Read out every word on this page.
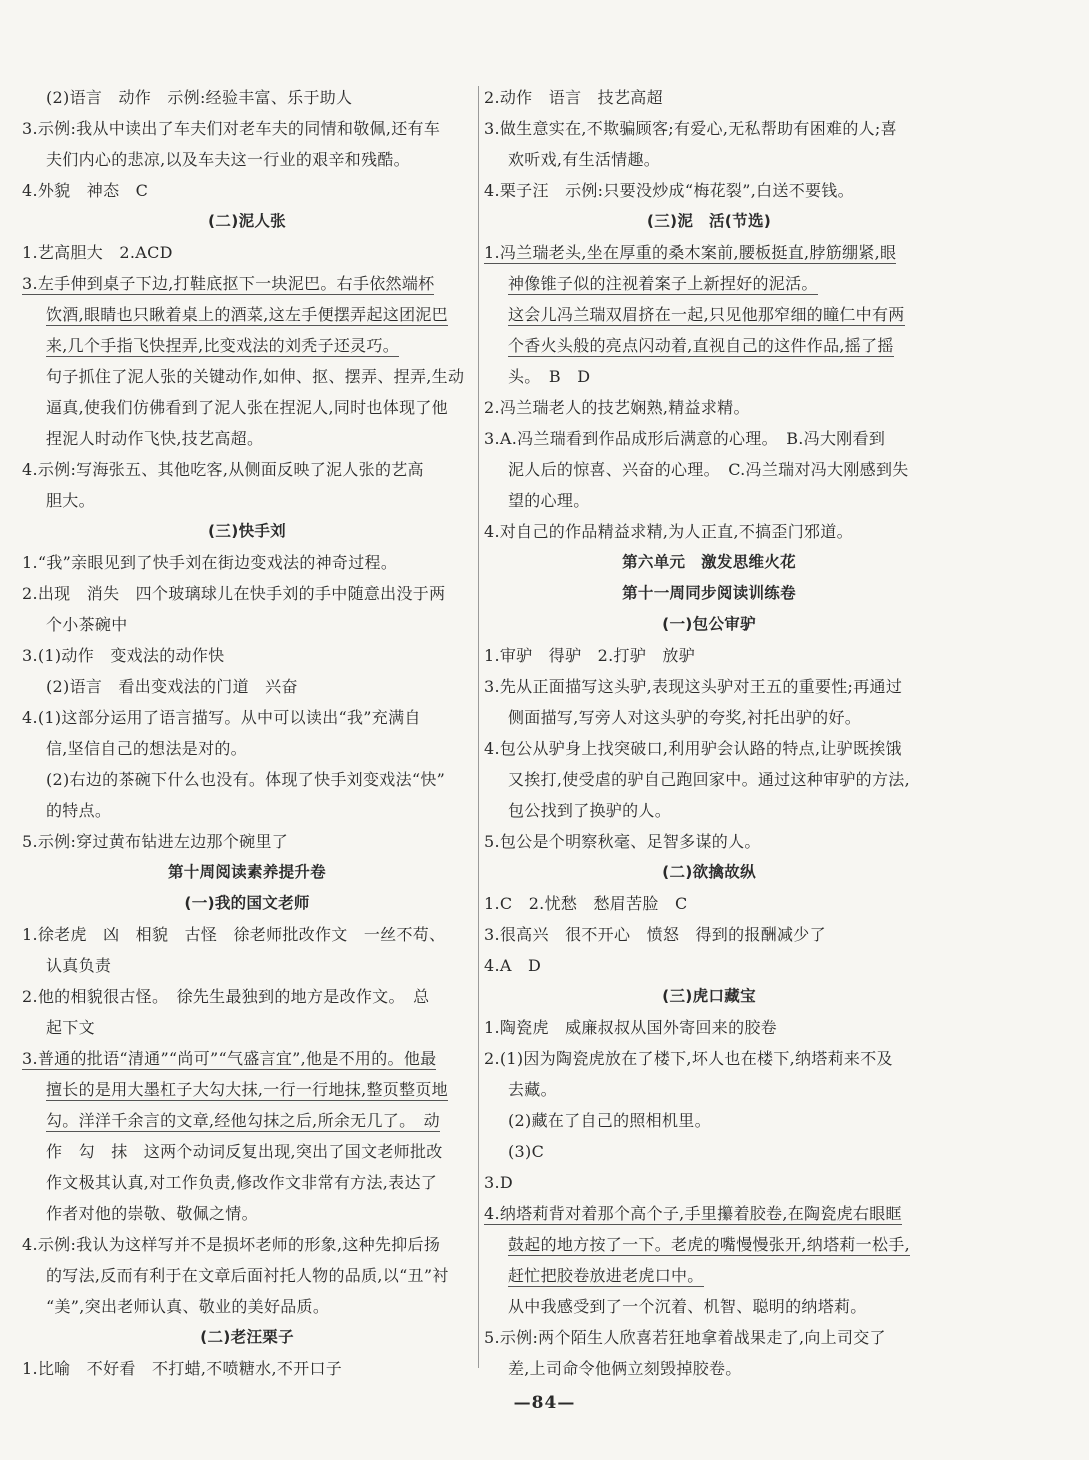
(2)语言　动作　示例:经验丰富、乐于助人
3.示例:我从中读出了车夫们对老车夫的同情和敬佩,还有车
夫们内心的悲凉,以及车夫这一行业的艰辛和残酷。
4.外貌　神态　C
(二)泥人张
1.艺高胆大　2.ACD
3.左手伸到桌子下边,打鞋底抠下一块泥巴。右手依然端杯
饮酒,眼睛也只瞅着桌上的酒菜,这左手便摆弄起这团泥巴
来,几个手指飞快捏弄,比变戏法的刘秃子还灵巧。
句子抓住了泥人张的关键动作,如伸、抠、摆弄、捏弄,生动
逼真,使我们仿佛看到了泥人张在捏泥人,同时也体现了他
捏泥人时动作飞快,技艺高超。
4.示例:写海张五、其他吃客,从侧面反映了泥人张的艺高
胆大。
(三)快手刘
1.“我”亲眼见到了快手刘在街边变戏法的神奇过程。
2.出现　消失　四个玻璃球儿在快手刘的手中随意出没于两
个小茶碗中
3.(1)动作　变戏法的动作快
(2)语言　看出变戏法的门道　兴奋
4.(1)这部分运用了语言描写。从中可以读出“我”充满自
信,坚信自己的想法是对的。
(2)右边的茶碗下什么也没有。体现了快手刘变戏法“快”
的特点。
5.示例:穿过黄布钻进左边那个碗里了
第十周阅读素养提升卷
(一)我的国文老师
1.徐老虎　凶　相貌　古怪　徐老师批改作文　一丝不苟、
认真负责
2.他的相貌很古怪。　徐先生最独到的地方是改作文。　总
起下文
3.普通的批语“清通”“尚可”“气盛言宜”,他是不用的。他最
擅长的是用大墨杠子大勾大抹,一行一行地抹,整页整页地
勾。洋洋千余言的文章,经他勾抹之后,所余无几了。　动
作　勾　抹　这两个动词反复出现,突出了国文老师批改
作文极其认真,对工作负责,修改作文非常有方法,表达了
作者对他的崇敬、敬佩之情。
4.示例:我认为这样写并不是损坏老师的形象,这种先抑后扬
的写法,反而有利于在文章后面衬托人物的品质,以“丑”衬
“美”,突出老师认真、敬业的美好品质。
(二)老汪栗子
1.比喻　不好看　不打蜡,不喷糖水,不开口子
2.动作　语言　技艺高超
3.做生意实在,不欺骗顾客;有爱心,无私帮助有困难的人;喜
欢听戏,有生活情趣。
4.栗子汪　示例:只要没炒成“梅花裂”,白送不要钱。
(三)泥　活(节选)
1.冯兰瑞老头,坐在厚重的桑木案前,腰板挺直,脖筋绷紧,眼
神像锥子似的注视着案子上新捏好的泥活。
这会儿冯兰瑞双眉挤在一起,只见他那窄细的瞳仁中有两
个香火头般的亮点闪动着,直视自己的这件作品,摇了摇
头。　B　D
2.冯兰瑞老人的技艺娴熟,精益求精。
3.A.冯兰瑞看到作品成形后满意的心理。　B.冯大刚看到
泥人后的惊喜、兴奋的心理。　C.冯兰瑞对冯大刚感到失
望的心理。
4.对自己的作品精益求精,为人正直,不搞歪门邪道。
第六单元　激发思维火花
第十一周同步阅读训练卷
(一)包公审驴
1.审驴　得驴　2.打驴　放驴
3.先从正面描写这头驴,表现这头驴对王五的重要性;再通过
侧面描写,写旁人对这头驴的夸奖,衬托出驴的好。
4.包公从驴身上找突破口,利用驴会认路的特点,让驴既挨饿
又挨打,使受虐的驴自己跑回家中。通过这种审驴的方法,
包公找到了换驴的人。
5.包公是个明察秋毫、足智多谋的人。
(二)欲擒故纵
1.C　2.忧愁　愁眉苦脸　C
3.很高兴　很不开心　愤怒　得到的报酬减少了
4.A　D
(三)虎口藏宝
1.陶瓷虎　威廉叔叔从国外寄回来的胶卷
2.(1)因为陶瓷虎放在了楼下,坏人也在楼下,纳塔莉来不及
去藏。
(2)藏在了自己的照相机里。
(3)C
3.D
4.纳塔莉背对着那个高个子,手里攥着胶卷,在陶瓷虎右眼眶
鼓起的地方按了一下。老虎的嘴慢慢张开,纳塔莉一松手,
赶忙把胶卷放进老虎口中。
从中我感受到了一个沉着、机智、聪明的纳塔莉。
5.示例:两个陌生人欣喜若狂地拿着战果走了,向上司交了
差,上司命令他俩立刻毁掉胶卷。
—84—
